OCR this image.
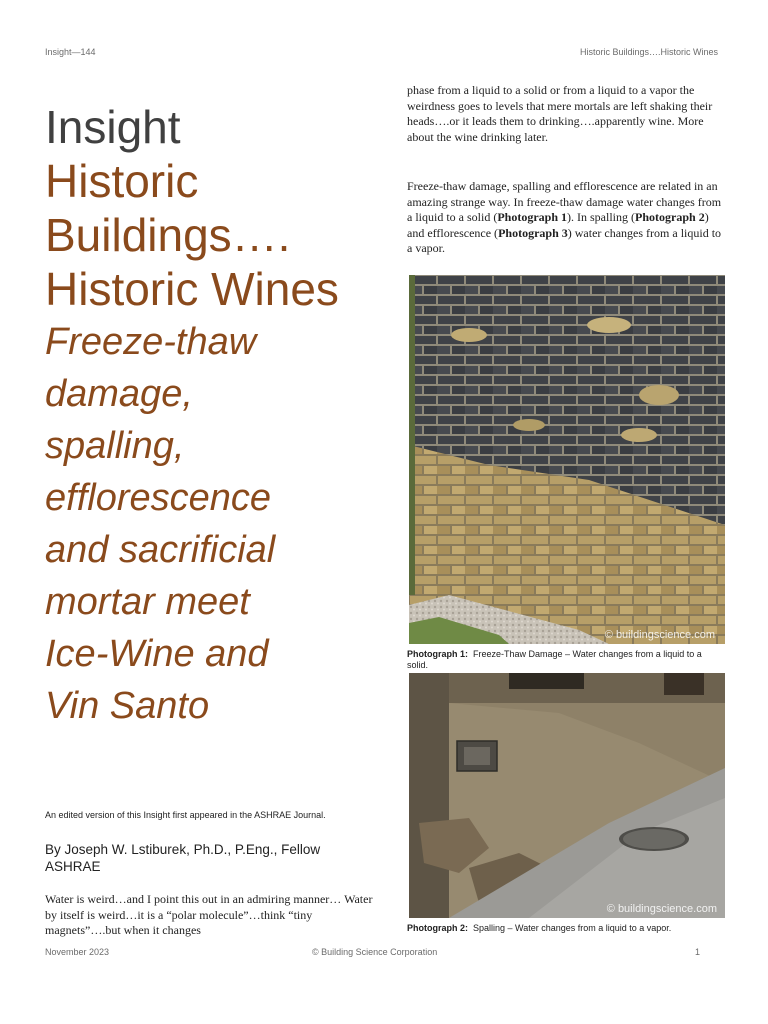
Insight—144	Historic Buildings….Historic Wines

Insight

Historic

Buildings….

Historic Wines

Freeze-thaw

damage,

spalling,

efflorescence

and sacrificial

mortar meet

Ice-Wine and

Vin Santo

An edited version of this Insight first appeared in the ASHRAE Journal.
By Joseph W. Lstiburek, Ph.D., P.Eng., Fellow ASHRAE
Water is weird…and I point this out in an admiring manner… Water by itself is weird…it is a “polar molecule”…think “tiny magnets”….but when it changes

phase from a liquid to a solid or from a liquid to a vapor the weirdness goes to levels that mere mortals are left shaking their heads….or it leads them to drinking….apparently wine. More about the wine drinking later.

Freeze-thaw damage, spalling and efflorescence are related in an amazing strange way. In freeze-thaw damage water changes from a liquid to a solid (Photograph 1). In spalling (Photograph 2) and efflorescence (Photograph 3) water changes from a liquid to a vapor.

© buildingscience.com
Photograph 1: Freeze-Thaw Damage – Water changes from a liquid to a solid.
© buildingscience.com
Photograph 2: Spalling – Water changes from a liquid to a vapor.
November 2023	© Building Science Corporation	1
